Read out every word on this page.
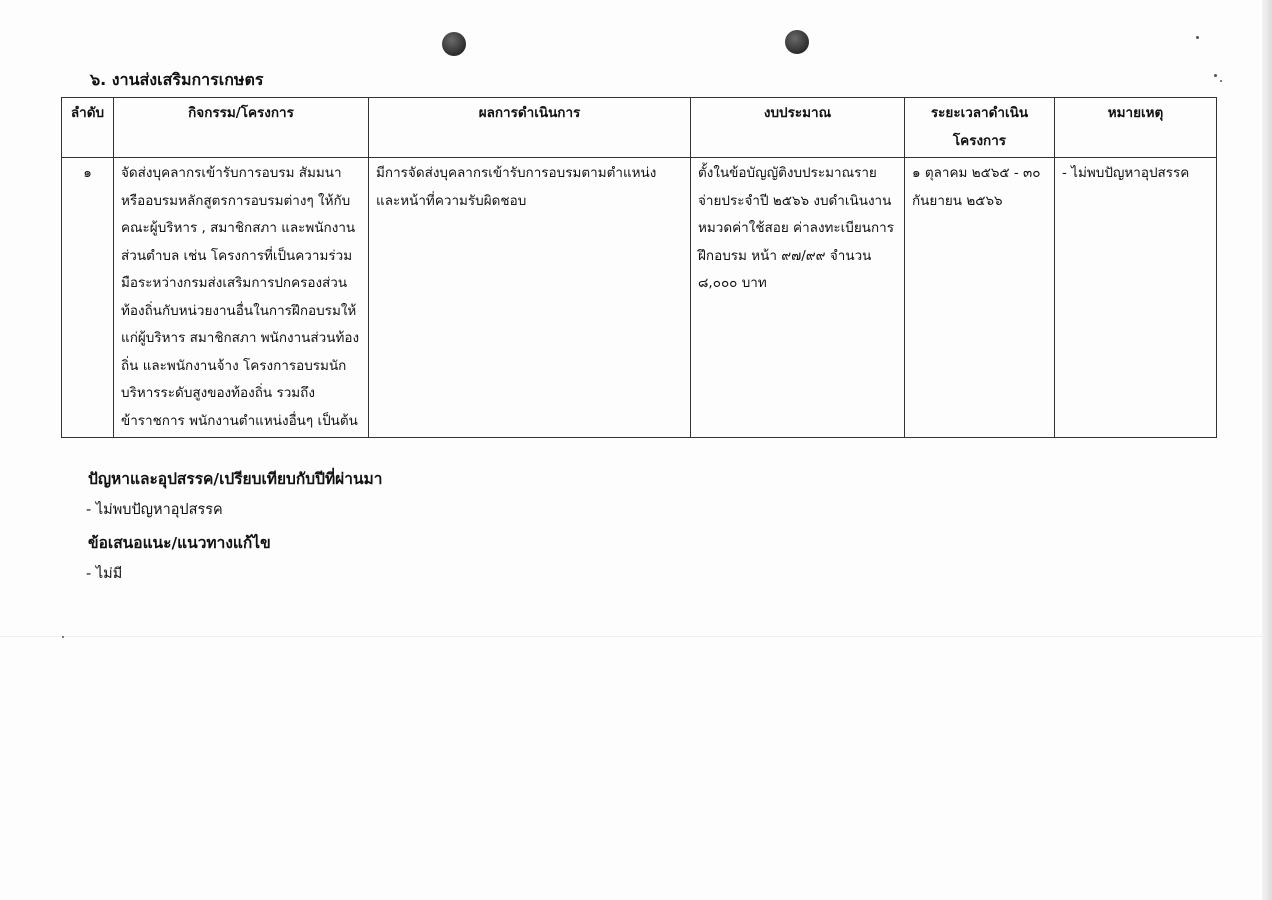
๖. งานส่งเสริมการเกษตร
ลำดับ	กิจกรรม/โครงการ	ผลการดำเนินการ	งบประมาณ	ระยะเวลาดำเนินโครงการ	หมายเหตุ
๑	จัดส่งบุคลากรเข้ารับการอบรม สัมมนา หรืออบรมหลักสูตรการอบรมต่างๆ ให้กับคณะผู้บริหาร , สมาชิกสภา และพนักงานส่วนตำบล เช่น โครงการที่เป็นความร่วมมือระหว่างกรมส่งเสริมการปกครองส่วนท้องถิ่นกับหน่วยงานอื่นในการฝึกอบรมให้แก่ผู้บริหาร สมาชิกสภา พนักงานส่วนท้องถิ่น และพนักงานจ้าง โครงการอบรมนักบริหารระดับสูงของท้องถิ่น รวมถึงข้าราชการ พนักงานตำแหน่งอื่นๆ เป็นต้น	มีการจัดส่งบุคลากรเข้ารับการอบรมตามตำแหน่ง และหน้าที่ความรับผิดชอบ	ตั้งในข้อบัญญัติงบประมาณรายจ่ายประจำปี ๒๕๖๖ งบดำเนินงาน หมวดค่าใช้สอย ค่าลงทะเบียนการฝึกอบรม หน้า ๙๗/๙๙ จำนวน ๘,๐๐๐ บาท	๑ ตุลาคม ๒๕๖๕ - ๓๐ กันยายน ๒๕๖๖	- ไม่พบปัญหาอุปสรรค
ปัญหาและอุปสรรค/เปรียบเทียบกับปีที่ผ่านมา
- ไม่พบปัญหาอุปสรรค
ข้อเสนอแนะ/แนวทางแก้ไข
- ไม่มี
